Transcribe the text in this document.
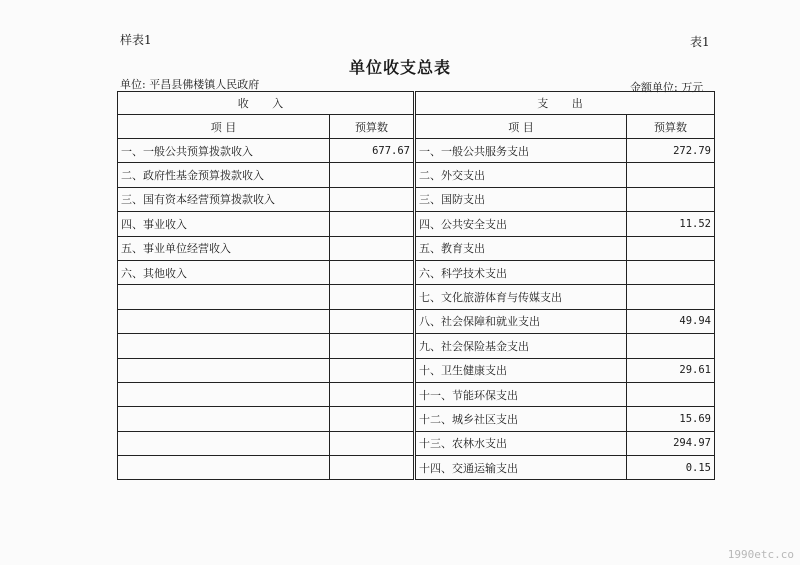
样表1	表1
单位收支总表
单位: 平昌县佛楼镇人民政府	金额单位: 万元
收 入		支 出	
项 目	预算数	项 目	预算数
一、一般公共预算拨款收入	677.67	一、一般公共服务支出	272.79
二、政府性基金预算拨款收入		二、外交支出	
三、国有资本经营预算拨款收入		三、国防支出	
四、事业收入		四、公共安全支出	11.52
五、事业单位经营收入		五、教育支出	
六、其他收入		六、科学技术支出	
		七、文化旅游体育与传媒支出	
		八、社会保障和就业支出	49.94
		九、社会保险基金支出	
		十、卫生健康支出	29.61
		十一、节能环保支出	
		十二、城乡社区支出	15.69
		十三、农林水支出	294.97
		十四、交通运输支出	0.15
1990etc.co
